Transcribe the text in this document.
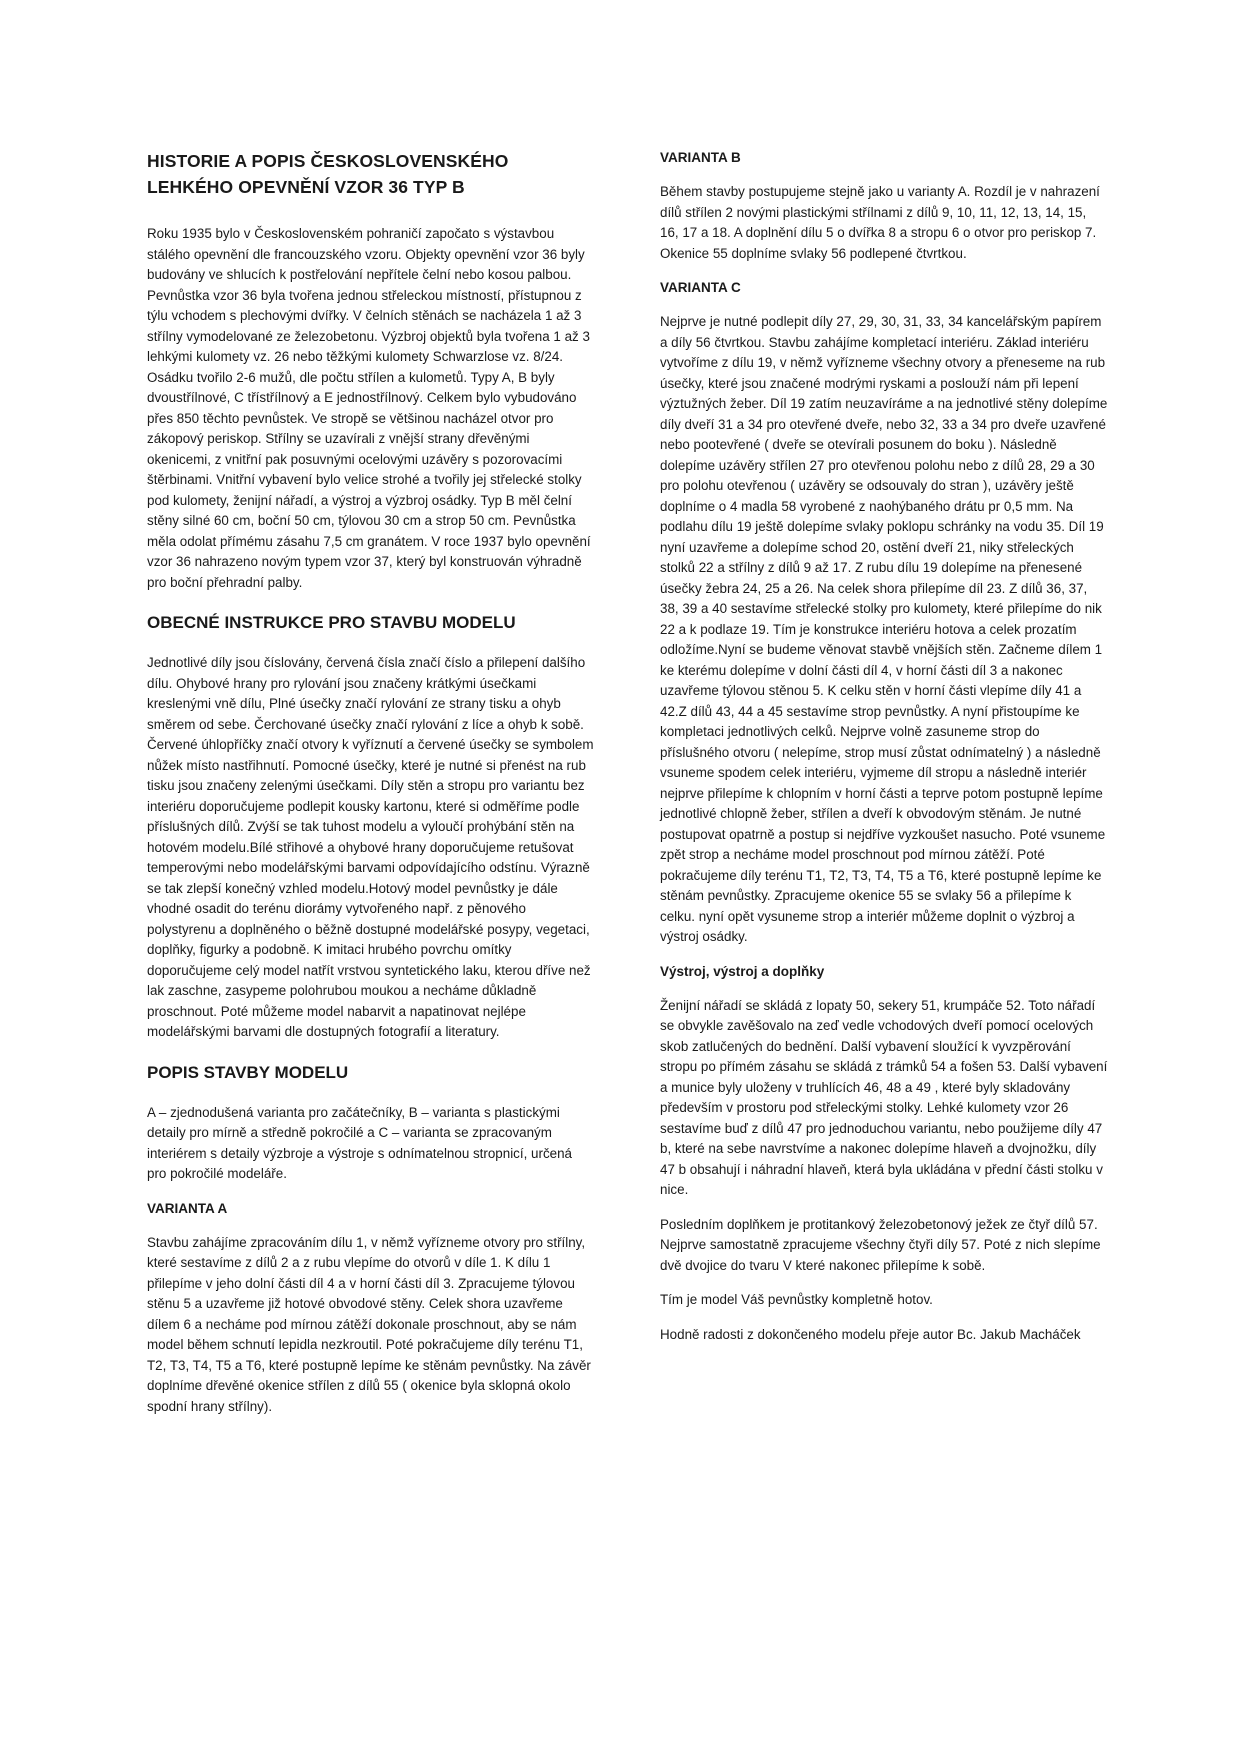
HISTORIE A POPIS ČESKOSLOVENSKÉHO LEHKÉHO OPEVNĚNÍ VZOR 36 TYP B

Roku 1935 bylo v Československém pohraničí započato s výstavbou stálého opevnění dle francouzského vzoru. Objekty opevnění vzor 36 byly budovány ve shlucích k postřelování nepřítele čelní nebo kosou palbou. Pevnůstka vzor 36 byla tvořena jednou střeleckou místností, přístupnou z týlu vchodem s plechovými dvířky. V čelních stěnách se nacházela 1 až 3 střílny vymodelované ze železobetonu. Výzbroj objektů byla tvořena 1 až 3 lehkými kulomety vz. 26 nebo těžkými kulomety Schwarzlose vz. 8/24. Osádku tvořilo 2-6 mužů, dle počtu střílen a kulometů. Typy A, B byly dvoustřílnové, C třístřílnový a E jednostřílnový. Celkem bylo vybudováno přes 850 těchto pevnůstek. Ve stropě se většinou nacházel otvor pro zákopový periskop. Střílny se uzavírali z vnější strany dřevěnými okenicemi, z vnitřní pak posuvnými ocelovými uzávěry s pozorovacími štěrbinami. Vnitřní vybavení bylo velice strohé a tvořily jej střelecké stolky pod kulomety, ženijní nářadí, a výstroj a výzbroj osádky. Typ B měl čelní stěny silné 60 cm, boční 50 cm, týlovou 30 cm a strop 50 cm. Pevnůstka měla odolat přímému zásahu 7,5 cm granátem. V roce 1937 bylo opevnění vzor 36 nahrazeno novým typem vzor 37, který byl konstruován výhradně pro boční přehradní palby.

OBECNÉ INSTRUKCE PRO STAVBU MODELU

Jednotlivé díly jsou číslovány, červená čísla značí číslo a přilepení dalšího dílu. Ohybové hrany pro rylování jsou značeny krátkými úsečkami kreslenými vně dílu, Plné úsečky značí rylování ze strany tisku a ohyb směrem od sebe. Čerchované úsečky značí rylování z líce a ohyb k sobě. Červené úhlopříčky značí otvory k vyříznutí a červené úsečky se symbolem nůžek místo nastřihnutí. Pomocné úsečky, které je nutné si přenést na rub tisku jsou značeny zelenými úsečkami. Díly stěn a stropu pro variantu bez interiéru doporučujeme podlepit kousky kartonu, které si odměříme podle příslušných dílů. Zvýší se tak tuhost modelu a vyloučí prohýbání stěn na hotovém modelu.Bílé střihové a ohybové hrany doporučujeme retušovat temperovými nebo modelářskými barvami odpovídajícího odstínu. Výrazně se tak zlepší konečný vzhled modelu.Hotový model pevnůstky je dále vhodné osadit do terénu diorámy vytvořeného např. z pěnového polystyrenu a doplněného o běžně dostupné modelářské posypy, vegetaci, doplňky, figurky a podobně. K imitaci hrubého povrchu omítky doporučujeme celý model natřít vrstvou syntetického laku, kterou dříve než lak zaschne, zasypeme polohrubou moukou a necháme důkladně proschnout. Poté můžeme model nabarvit a napatinovat nejlépe modelářskými barvami dle dostupných fotografií a literatury.

POPIS STAVBY MODELU

A – zjednodušená varianta pro začátečníky, B – varianta s plastickými detaily pro mírně a středně pokročilé a C – varianta se zpracovaným interiérem s detaily výzbroje a výstroje s odnímatelnou stropnicí, určená pro pokročilé modeláře.

VARIANTA A

Stavbu zahájíme zpracováním dílu 1, v němž vyřízneme otvory pro střílny, které sestavíme z dílů 2 a z rubu vlepíme do otvorů v díle 1. K dílu 1 přilepíme v jeho dolní části díl 4 a v horní části díl 3. Zpracujeme týlovou stěnu 5 a uzavřeme již hotové obvodové stěny. Celek shora uzavřeme dílem 6 a necháme pod mírnou zátěží dokonale proschnout, aby se nám model během schnutí lepidla nezkroutil. Poté pokračujeme díly terénu T1, T2, T3, T4, T5 a T6, které postupně lepíme ke stěnám pevnůstky. Na závěr doplníme dřevěné okenice střílen z dílů 55 ( okenice byla sklopná okolo spodní hrany střílny).

VARIANTA B

Během stavby postupujeme stejně jako u varianty A. Rozdíl je v nahrazení dílů střílen 2 novými plastickými střílnami z dílů 9, 10, 11, 12, 13, 14, 15, 16, 17 a 18. A doplnění dílu 5 o dvířka 8 a stropu 6 o otvor pro periskop 7. Okenice 55 doplníme svlaky 56 podlepené čtvrtkou.

VARIANTA C

Nejprve je nutné podlepit díly 27, 29, 30, 31, 33, 34 kancelářským papírem a díly 56 čtvrtkou. Stavbu zahájíme kompletací interiéru. Základ interiéru vytvoříme z dílu 19, v němž vyřízneme všechny otvory a přeneseme na rub úsečky, které jsou značené modrými ryskami a poslouží nám při lepení výztužných žeber. Díl 19 zatím neuzavíráme a na jednotlivé stěny dolepíme díly dveří 31 a 34 pro otevřené dveře, nebo 32, 33 a 34 pro dveře uzavřené nebo pootevřené ( dveře se otevírali posunem do boku ). Následně dolepíme uzávěry střílen 27 pro otevřenou polohu nebo z dílů 28, 29 a 30 pro polohu otevřenou ( uzávěry se odsouvaly do stran ), uzávěry ještě doplníme o 4 madla 58 vyrobené z naohýbaného drátu pr 0,5 mm. Na podlahu dílu 19 ještě dolepíme svlaky poklopu schránky na vodu 35. Díl 19 nyní uzavřeme a dolepíme schod 20, ostění dveří 21, niky střeleckých stolků 22 a střílny z dílů 9 až 17. Z rubu dílu 19 dolepíme na přenesené úsečky žebra 24, 25 a 26. Na celek shora přilepíme díl 23. Z dílů 36, 37, 38, 39 a 40 sestavíme střelecké stolky pro kulomety, které přilepíme do nik 22 a k podlaze 19. Tím je konstrukce interiéru hotova a celek prozatím odložíme.Nyní se budeme věnovat stavbě vnějších stěn. Začneme dílem 1 ke kterému dolepíme v dolní části díl 4, v horní části díl 3 a nakonec uzavřeme týlovou stěnou 5. K celku stěn v horní části vlepíme díly 41 a 42.Z dílů 43, 44 a 45 sestavíme strop pevnůstky. A nyní přistoupíme ke kompletaci jednotlivých celků. Nejprve volně zasuneme strop do příslušného otvoru ( nelepíme, strop musí zůstat odnímatelný ) a následně vsuneme spodem celek interiéru, vyjmeme díl stropu a následně interiér nejprve přilepíme k chlopním v horní části a teprve potom postupně lepíme jednotlivé chlopně žeber, střílen a dveří k obvodovým stěnám. Je nutné postupovat opatrně a postup si nejdříve vyzkoušet nasucho. Poté vsuneme zpět strop a necháme model proschnout pod mírnou zátěží. Poté pokračujeme díly terénu T1, T2, T3, T4, T5 a T6, které postupně lepíme ke stěnám pevnůstky. Zpracujeme okenice 55 se svlaky 56 a přilepíme k celku. nyní opět vysuneme strop a interiér můžeme doplnit o výzbroj a výstroj osádky.

Výstroj, výstroj a doplňky

Ženijní nářadí se skládá z lopaty 50, sekery 51, krumpáče 52. Toto nářadí se obvykle zavěšovalo na zeď vedle vchodových dveří pomocí ocelových skob zatlučených do bednění. Další vybavení sloužící k vyvzpěrování stropu po přímém zásahu se skládá z trámků 54 a fošen 53. Další vybavení a munice byly uloženy v truhlících 46, 48 a 49 , které byly skladovány především v prostoru pod střeleckými stolky. Lehké kulomety vzor 26 sestavíme buď z dílů 47 pro jednoduchou variantu, nebo použijeme díly 47 b, které na sebe navrstvíme a nakonec dolepíme hlaveň a dvojnožku, díly 47 b obsahují i náhradní hlaveň, která byla ukládána v přední části stolku v nice.

Posledním doplňkem je protitankový železobetonový ježek ze čtyř dílů 57. Nejprve samostatně zpracujeme všechny čtyři díly 57. Poté z nich slepíme dvě dvojice do tvaru V které nakonec přilepíme k sobě.

Tím je model Váš pevnůstky kompletně hotov.

Hodně radosti z dokončeného modelu přeje autor Bc. Jakub Macháček
